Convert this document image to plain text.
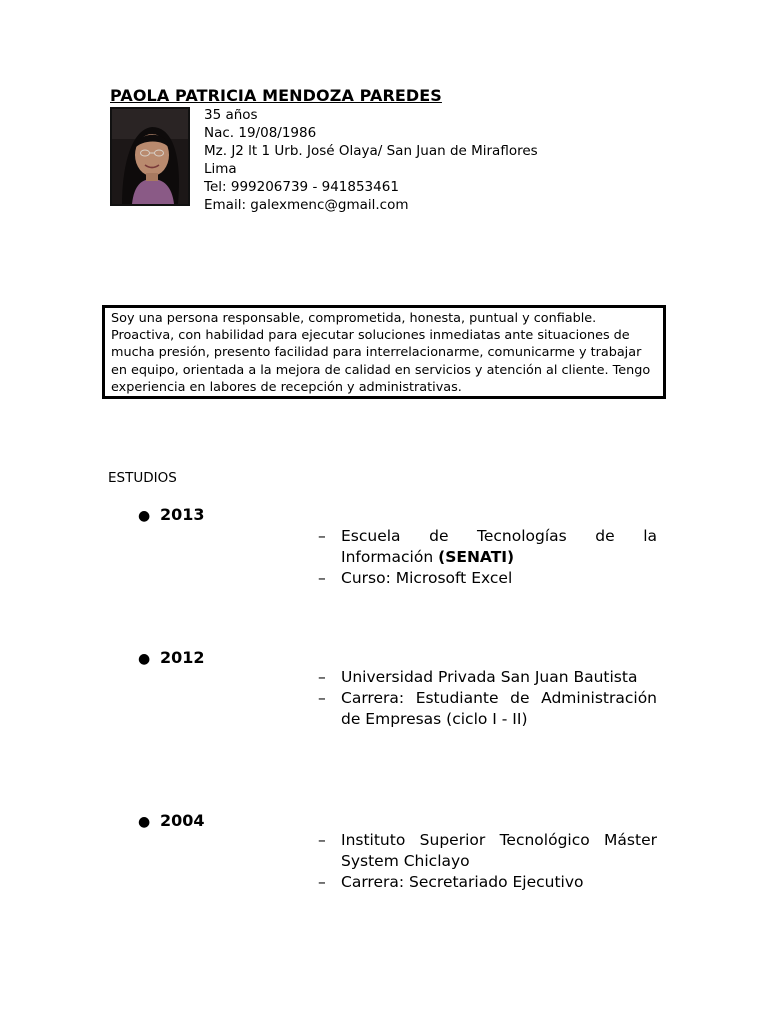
PAOLA PATRICIA MENDOZA PAREDES
35 años
Nac. 19/08/1986
Mz. J2 lt 1 Urb. José Olaya/ San Juan de Miraflores
Lima
Tel: 999206739 - 941853461
Email: galexmenc@gmail.com
Soy una persona responsable, comprometida, honesta, puntual y confiable. Proactiva, con habilidad para ejecutar soluciones inmediatas ante situaciones de mucha presión, presento facilidad para interrelacionarme, comunicarme y trabajar en equipo, orientada a la mejora de calidad en servicios y atención al cliente. Tengo experiencia en labores de recepción y administrativas.
ESTUDIOS
● 2013
– Escuela de Tecnologías de la Información (SENATI)
– Curso: Microsoft Excel
● 2012
– Universidad Privada San Juan Bautista
– Carrera: Estudiante de Administración de Empresas (ciclo I - II)
● 2004
– Instituto Superior Tecnológico Máster System Chiclayo
– Carrera: Secretariado Ejecutivo
